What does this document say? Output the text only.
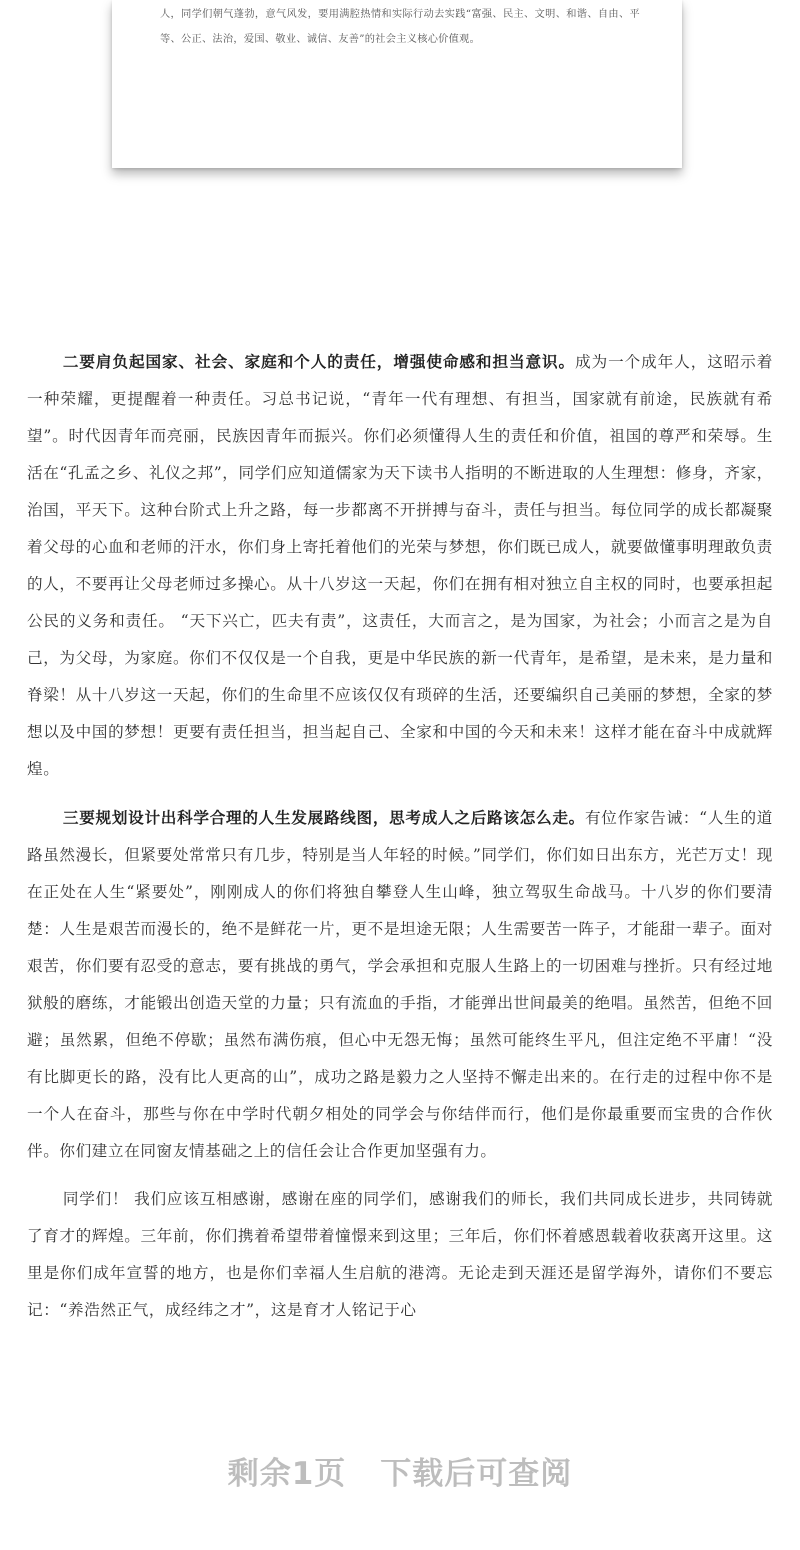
人，同学们朝气蓬勃，意气风发，要用满腔热情和实际行动去实践“富强、民主、文明、和谐、自由、平等、公正、法治，爱国、敬业、诚信、友善”的社会主义核心价值观。

二要肩负起国家、社会、家庭和个人的责任，增强使命感和担当意识。成为一个成年人，这昭示着一种荣耀，更提醒着一种责任。习总书记说，“青年一代有理想、有担当，国家就有前途，民族就有希望”。时代因青年而亮丽，民族因青年而振兴。你们必须懂得人生的责任和价值，祖国的尊严和荣辱。生活在“孔孟之乡、礼仪之邦”，同学们应知道儒家为天下读书人指明的不断进取的人生理想：修身，齐家，治国，平天下。这种台阶式上升之路，每一步都离不开拼搏与奋斗，责任与担当。每位同学的成长都凝聚着父母的心血和老师的汗水，你们身上寄托着他们的光荣与梦想，你们既已成人，就要做懂事明理敢负责的人，不要再让父母老师过多操心。从十八岁这一天起，你们在拥有相对独立自主权的同时，也要承担起公民的义务和责任。 “天下兴亡，匹夫有责”，这责任，大而言之，是为国家，为社会；小而言之是为自己，为父母，为家庭。你们不仅仅是一个自我，更是中华民族的新一代青年，是希望，是未来，是力量和脊梁！从十八岁这一天起，你们的生命里不应该仅仅有琐碎的生活，还要编织自己美丽的梦想，全家的梦想以及中国的梦想！更要有责任担当，担当起自己、全家和中国的今天和未来！这样才能在奋斗中成就辉煌。

三要规划设计出科学合理的人生发展路线图，思考成人之后路该怎么走。有位作家告诫：“人生的道路虽然漫长，但紧要处常常只有几步，特别是当人年轻的时候。”同学们，你们如日出东方，光芒万丈！现在正处在人生“紧要处”，刚刚成人的你们将独自攀登人生山峰，独立驾驭生命战马。十八岁的你们要清楚：人生是艰苦而漫长的，绝不是鲜花一片，更不是坦途无限；人生需要苦一阵子，才能甜一辈子。面对艰苦，你们要有忍受的意志，要有挑战的勇气，学会承担和克服人生路上的一切困难与挫折。只有经过地狱般的磨练，才能锻出创造天堂的力量；只有流血的手指，才能弹出世间最美的绝唱。虽然苦，但绝不回避；虽然累，但绝不停歇；虽然布满伤痕，但心中无怨无悔；虽然可能终生平凡，但注定绝不平庸！“没有比脚更长的路，没有比人更高的山”，成功之路是毅力之人坚持不懈走出来的。在行走的过程中你不是一个人在奋斗，那些与你在中学时代朝夕相处的同学会与你结伴而行，他们是你最重要而宝贵的合作伙伴。你们建立在同窗友情基础之上的信任会让合作更加坚强有力。

同学们！ 我们应该互相感谢，感谢在座的同学们，感谢我们的师长，我们共同成长进步，共同铸就了育才的辉煌。三年前，你们携着希望带着憧憬来到这里；三年后，你们怀着感恩载着收获离开这里。这里是你们成年宣誓的地方，也是你们幸福人生启航的港湾。无论走到天涯还是留学海外，请你们不要忘记：“养浩然正气，成经纬之才”，这是育才人铭记于心

剩余1页 下载后可查阅
